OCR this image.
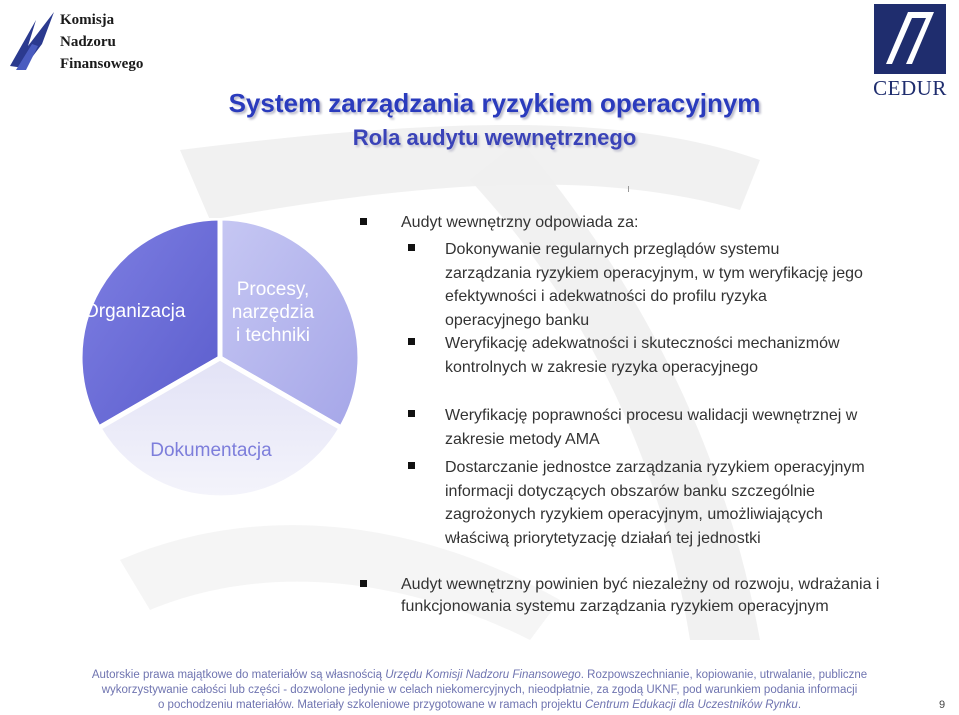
Komisja
Nadzoru
Finansowego
CEDUR
System zarządzania ryzykiem operacyjnym
Rola audytu wewnętrznego
Organizacja
Procesy,
narzędzia
i techniki
Dokumentacja
Audyt wewnętrzny odpowiada za:
Dokonywanie regularnych przeglądów systemu zarządzania ryzykiem operacyjnym, w tym weryfikację jego efektywności i adekwatności do profilu ryzyka operacyjnego banku
Weryfikację adekwatności i skuteczności mechanizmów kontrolnych w zakresie ryzyka operacyjnego
Weryfikację poprawności procesu walidacji wewnętrznej w zakresie metody AMA
Dostarczanie jednostce zarządzania ryzykiem operacyjnym informacji dotyczących obszarów banku szczególnie zagrożonych ryzykiem operacyjnym, umożliwiających właściwą priorytetyzację działań tej jednostki
Audyt wewnętrzny powinien być niezależny od rozwoju, wdrażania i funkcjonowania systemu zarządzania ryzykiem operacyjnym
Autorskie prawa majątkowe do materiałów są własnością Urzędu Komisji Nadzoru Finansowego. Rozpowszechnianie, kopiowanie, utrwalanie, publiczne
wykorzystywanie całości lub części - dozwolone jedynie w celach niekomercyjnych, nieodpłatnie, za zgodą UKNF, pod warunkiem podania informacji
o pochodzeniu materiałów. Materiały szkoleniowe przygotowane w ramach projektu Centrum Edukacji dla Uczestników Rynku.	9
